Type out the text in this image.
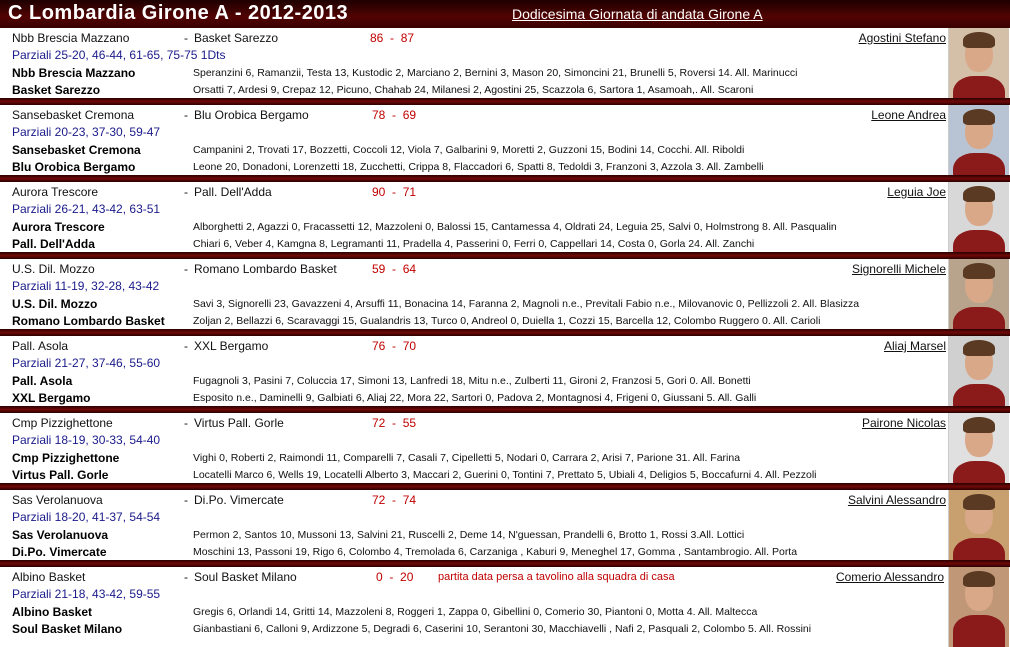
C Lombardia Girone A - 2012-2013	Dodicesima Giornata di andata Girone A
Nbb Brescia Mazzano	- Basket Sarezzo	86  -  87	Agostini Stefano
Parziali 25-20, 46-44, 61-65, 75-75 1Dts
Nbb Brescia Mazzano	Speranzini 6, Ramanzii, Testa 13, Kustodic 2, Marciano 2, Bernini 3, Mason 20, Simoncini 21, Brunelli 5, Roversi 14. All. Marinucci
Basket Sarezzo	Orsatti 7, Ardesi 9, Crepaz 12, Picuno, Chahab 24, Milanesi 2, Agostini 25, Scazzola 6, Sartora 1, Asamoah,. All. Scaroni
Sansebasket Cremona	- Blu Orobica Bergamo	78  -  69	Leone Andrea
Parziali 20-23, 37-30, 59-47
Sansebasket Cremona	Campanini 2, Trovati 17, Bozzetti, Coccoli 12, Viola 7, Galbarini 9, Moretti 2, Guzzoni 15, Bodini 14, Cocchi. All. Riboldi
Blu Orobica Bergamo	Leone 20, Donadoni, Lorenzetti 18, Zucchetti, Crippa 8, Flaccadori 6, Spatti 8, Tedoldi 3, Franzoni 3, Azzola 3. All. Zambelli
Aurora Trescore	- Pall. Dell'Adda	90  -  71	Leguia Joe
Parziali 26-21, 43-42, 63-51
Aurora Trescore	Alborghetti 2, Agazzi 0, Fracassetti 12, Mazzoleni 0, Balossi 15, Cantamessa 4, Oldrati 24, Leguia 25, Salvi 0, Holmstrong 8. All. Pasqualin
Pall. Dell'Adda	Chiari 6, Veber 4, Kamgna 8, Legramanti 11, Pradella 4, Passerini 0, Ferri 0, Cappellari 14, Costa 0, Gorla 24. All. Zanchi
U.S. Dil. Mozzo	- Romano Lombardo Basket	59  -  64	Signorelli Michele
Parziali 11-19, 32-28, 43-42
U.S. Dil. Mozzo	Savi 3, Signorelli 23, Gavazzeni 4, Arsuffi 11, Bonacina 14, Faranna 2, Magnoli n.e., Previtali Fabio n.e., Milovanovic 0, Pellizzoli 2. All. Blasizza
Romano Lombardo Basket	Zoljan 2, Bellazzi 6, Scaravaggi 15, Gualandris 13, Turco 0, Andreol 0, Duiella 1, Cozzi 15, Barcella 12, Colombo Ruggero 0. All. Carioli
Pall. Asola	- XXL Bergamo	76  -  70	Aliaj Marsel
Parziali 21-27, 37-46, 55-60
Pall. Asola	Fugagnoli 3, Pasini 7, Coluccia 17, Simoni 13, Lanfredi 18, Mitu n.e., Zulberti 11, Gironi 2, Franzosi 5, Gori 0. All. Bonetti
XXL Bergamo	Esposito n.e., Daminelli 9, Galbiati 6, Aliaj 22, Mora 22, Sartori 0, Padova 2, Montagnosi 4, Frigeni 0, Giussani 5. All. Galli
Cmp Pizzighettone	- Virtus Pall. Gorle	72  -  55	Pairone Nicolas
Parziali 18-19, 30-33, 54-40
Cmp Pizzighettone	Vighi 0, Roberti 2, Raimondi 11, Comparelli 7, Casali 7, Cipelletti 5, Nodari 0, Carrara 2, Arisi 7, Parione 31. All. Farina
Virtus Pall. Gorle	Locatelli Marco 6, Wells 19, Locatelli Alberto 3, Maccari 2, Guerini 0, Tontini 7, Prettato 5, Ubiali 4, Deligios 5, Boccafurni 4. All. Pezzoli
Sas Verolanuova	- Di.Po. Vimercate	72  -  74	Salvini Alessandro
Parziali 18-20, 41-37, 54-54
Sas Verolanuova	Permon 2, Santos 10, Mussoni 13, Salvini 21, Ruscelli 2, Deme 14, N'guessan, Prandelli 6, Brotto 1, Rossi 3.All. Lottici
Di.Po. Vimercate	Moschini 13, Passoni 19, Rigo 6, Colombo 4, Tremolada 6, Carzaniga , Kaburi 9, Meneghel 17, Gomma , Santambrogio. All. Porta
Albino Basket	- Soul Basket Milano	0  -  20 partita data persa a tavolino alla squadra di casa	Comerio Alessandro
Parziali 21-18, 43-42, 59-55
Albino Basket	Gregis 6, Orlandi 14, Gritti 14, Mazzoleni 8, Roggeri 1, Zappa 0, Gibellini 0, Comerio 30, Piantoni 0, Motta 4. All. Maltecca
Soul Basket Milano	Gianbastiani 6, Calloni 9, Ardizzone 5, Degradi 6, Caserini 10, Serantoni 30, Macchiavelli , Nafi 2, Pasquali 2, Colombo 5. All. Rossini
